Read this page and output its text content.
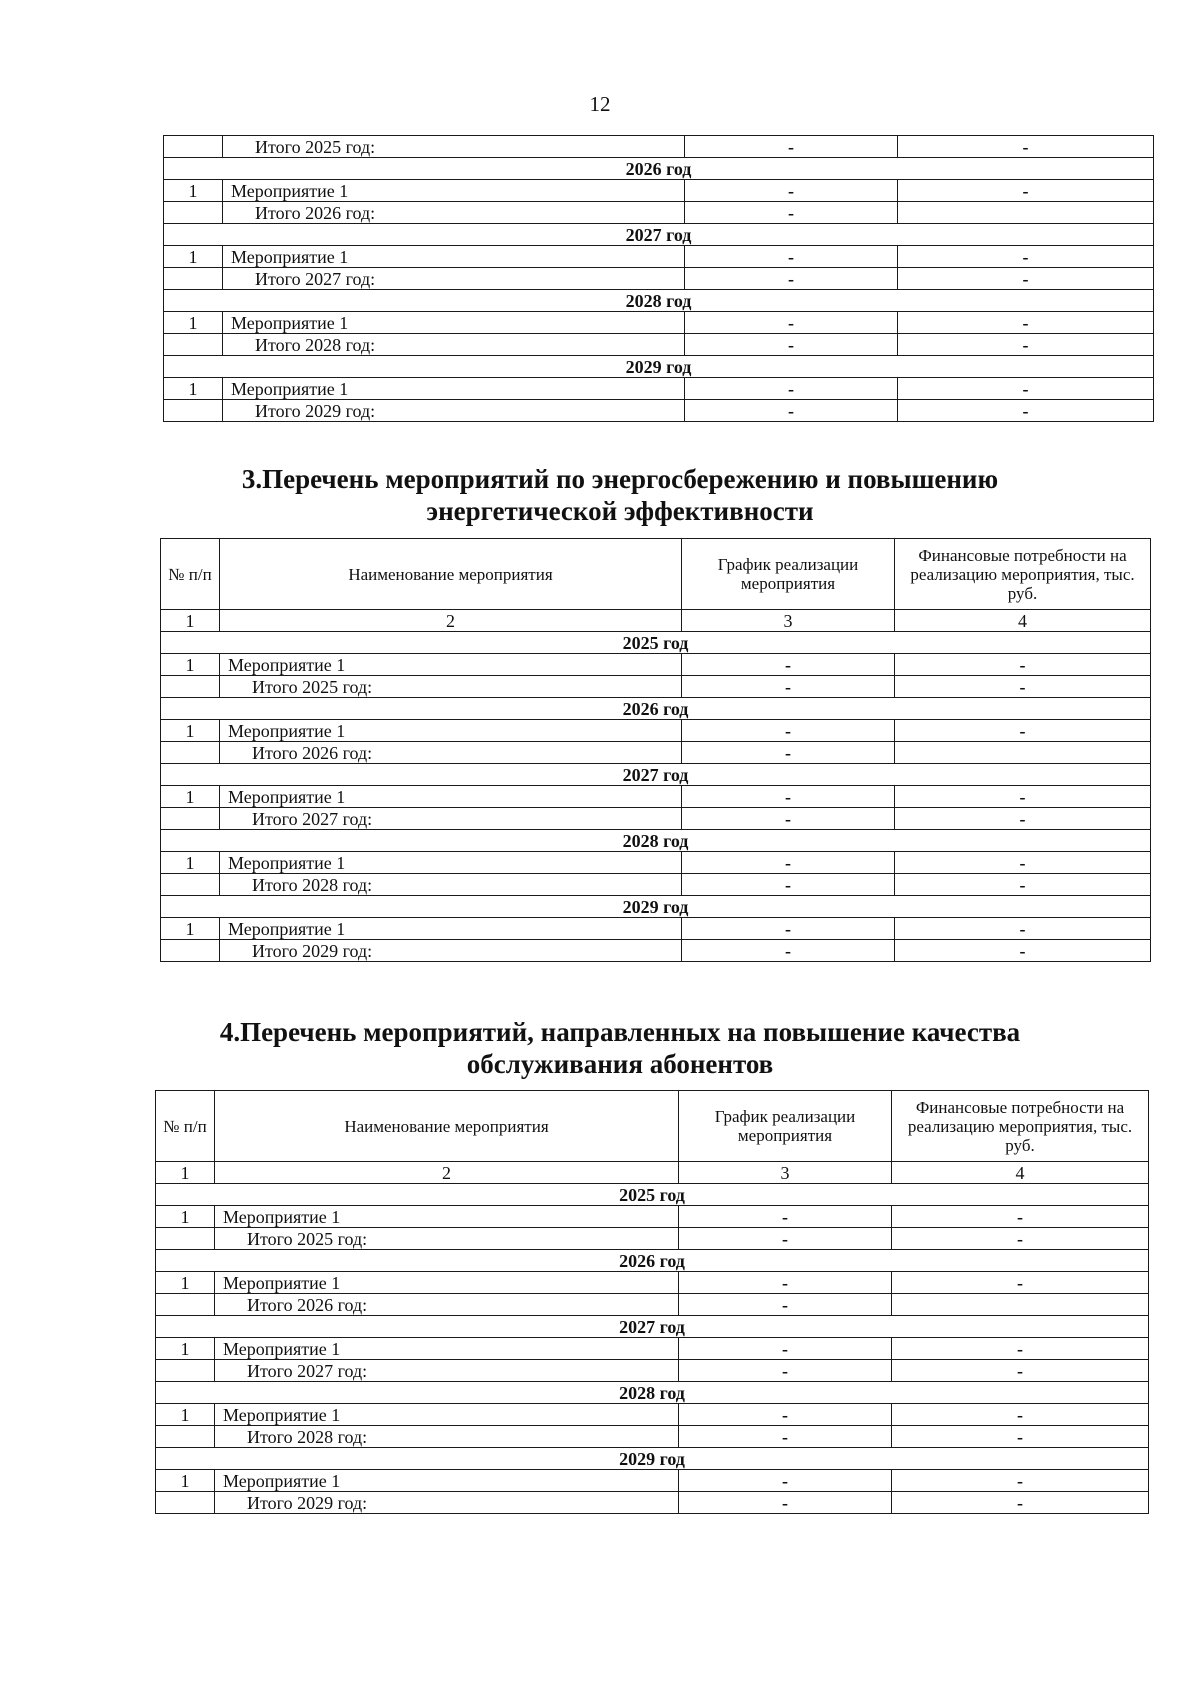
12
	Итого 2025 год:	-	-
2026 год			
1	Мероприятие 1	-	-
	Итого 2026 год:	-	
2027 год			
1	Мероприятие 1	-	-
	Итого 2027 год:	-	-
2028 год			
1	Мероприятие 1	-	-
	Итого 2028 год:	-	-
2029 год			
1	Мероприятие 1	-	-
	Итого 2029 год:	-	-
3.Перечень мероприятий по энергосбережению и повышению
энергетической эффективности
№ п/п	Наименование мероприятия	График реализации мероприятия	Финансовые потребности на реализацию мероприятия, тыс. руб.
1	2	3	4
2025 год			
1	Мероприятие 1	-	-
	Итого 2025 год:	-	-
2026 год			
1	Мероприятие 1	-	-
	Итого 2026 год:	-	
2027 год			
1	Мероприятие 1	-	-
	Итого 2027 год:	-	-
2028 год			
1	Мероприятие 1	-	-
	Итого 2028 год:	-	-
2029 год			
1	Мероприятие 1	-	-
	Итого 2029 год:	-	-
4.Перечень мероприятий, направленных на повышение качества
обслуживания абонентов
№ п/п	Наименование мероприятия	График реализации мероприятия	Финансовые потребности на реализацию мероприятия, тыс. руб.
1	2	3	4
2025 год			
1	Мероприятие 1	-	-
	Итого 2025 год:	-	-
2026 год			
1	Мероприятие 1	-	-
	Итого 2026 год:	-	
2027 год			
1	Мероприятие 1	-	-
	Итого 2027 год:	-	-
2028 год			
1	Мероприятие 1	-	-
	Итого 2028 год:	-	-
2029 год			
1	Мероприятие 1	-	-
	Итого 2029 год:	-	-
